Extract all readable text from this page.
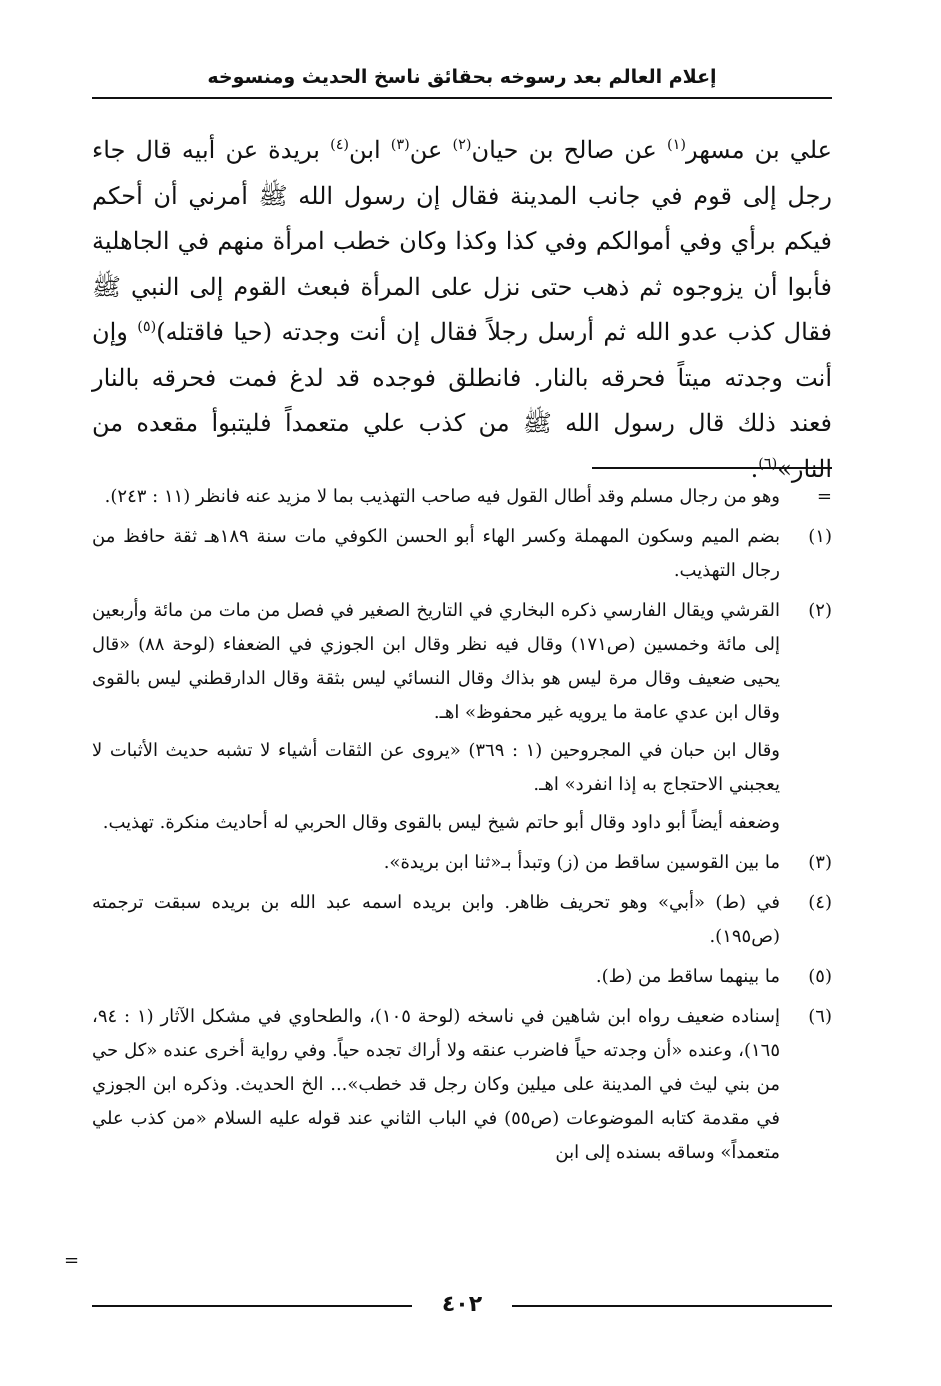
إعلام العالم بعد رسوخه بحقائق ناسخ الحديث ومنسوخه

علي بن مسهر$^{(١)}$ عن صالح بن حيان$^{(٢)}$ عن$^{(٣)}$ ابن$^{(٤)}$ بريدة عن أبيه قال جاء رجل إلى قوم في جانب المدينة فقال إن رسول الله ﷺ أمرني أن أحكم فيكم برأي وفي أموالكم وفي كذا وكذا وكان خطب امرأة منهم في الجاهلية فأبوا أن يزوجوه ثم ذهب حتى نزل على المرأة فبعث القوم إلى النبي ﷺ فقال كذب عدو الله ثم أرسل رجلاً فقال إن أنت وجدته (حيا فاقتله)$^{(٥)}$ وإن أنت وجدته ميتاً فحرقه بالنار. فانطلق فوجده قد لدغ فمت فحرقه بالنار فعند ذلك قال رسول الله ﷺ من كذب علي متعمداً فليتبوأ مقعده من النار»$^{(٦)}$.

=

وهو من رجال مسلم وقد أطال القول فيه صاحب التهذيب بما لا مزيد عنه فانظر (١١ : ٢٤٣).

(١)

بضم الميم وسكون المهملة وكسر الهاء أبو الحسن الكوفي مات سنة ١٨٩هـ ثقة حافظ من رجال التهذيب.

(٢)

القرشي ويقال الفارسي ذكره البخاري في التاريخ الصغير في فصل من مات من مائة وأربعين إلى مائة وخمسين (ص١٧١) وقال فيه نظر وقال ابن الجوزي في الضعفاء (لوحة ٨٨) «قال يحيى ضعيف وقال مرة ليس هو بذاك وقال النسائي ليس بثقة وقال الدارقطني ليس بالقوى وقال ابن عدي عامة ما يرويه غير محفوظ» اهـ.

وقال ابن حبان في المجروحين (١ : ٣٦٩) «يروى عن الثقات أشياء لا تشبه حديث الأثبات لا يعجبني الاحتجاج به إذا انفرد» اهـ.

وضعفه أيضاً أبو داود وقال أبو حاتم شيخ ليس بالقوى وقال الحربي له أحاديث منكرة. تهذيب.

(٣)

ما بين القوسين ساقط من (ز) وتبدأ بـ«ثنا ابن بريدة».

(٤)

في (ط) «أبي» وهو تحريف ظاهر. وابن بريده اسمه عبد الله بن بريده سبقت ترجمته (ص١٩٥).

(٥)

ما بينهما ساقط من (ط).

(٦)

إسناده ضعيف رواه ابن شاهين في ناسخه (لوحة ١٠٥)، والطحاوي في مشكل الآثار (١ : ٩٤، ١٦٥)، وعنده «أن وجدته حياً فاضرب عنقه ولا أراك تجده حياً. وفي رواية أخرى عنده «كل حي من بني ليث في المدينة على ميلين وكان رجل قد خطب»... الخ الحديث. وذكره ابن الجوزي في مقدمة كتابه الموضوعات (ص٥٥) في الباب الثاني عند قوله عليه السلام «من كذب علي متعمداً» وساقه بسنده إلى ابن

=
٤٠٢
